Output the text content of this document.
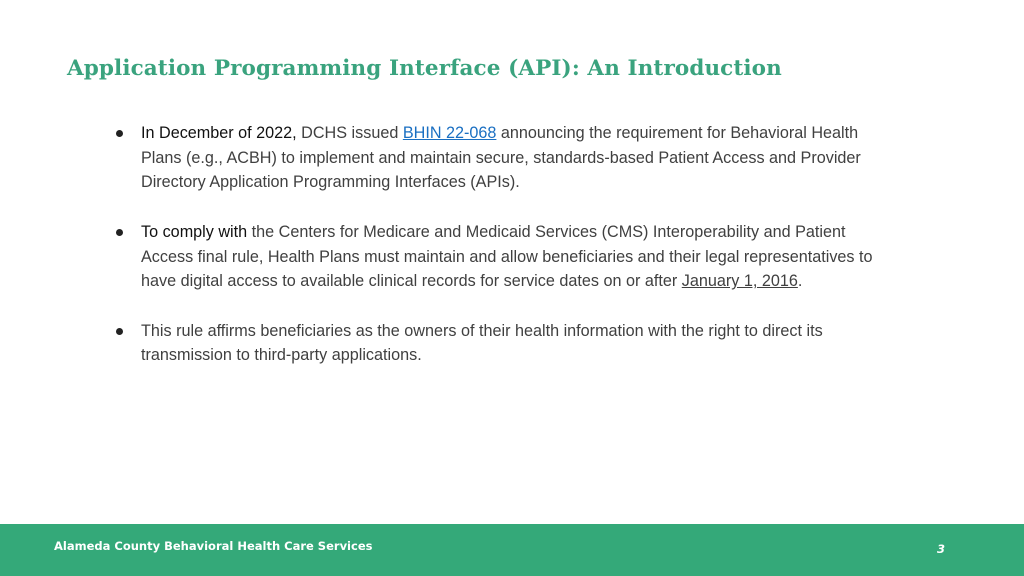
Application Programming Interface (API): An Introduction
In December of 2022, DCHS issued BHIN 22-068 announcing the requirement for Behavioral Health Plans (e.g., ACBH) to implement and maintain secure, standards-based Patient Access and Provider Directory Application Programming Interfaces (APIs).
To comply with the Centers for Medicare and Medicaid Services (CMS) Interoperability and Patient Access final rule, Health Plans must maintain and allow beneficiaries and their legal representatives to have digital access to available clinical records for service dates on or after January 1, 2016.
This rule affirms beneficiaries as the owners of their health information with the right to direct its transmission to third-party applications.
Alameda County Behavioral Health Care Services	3
